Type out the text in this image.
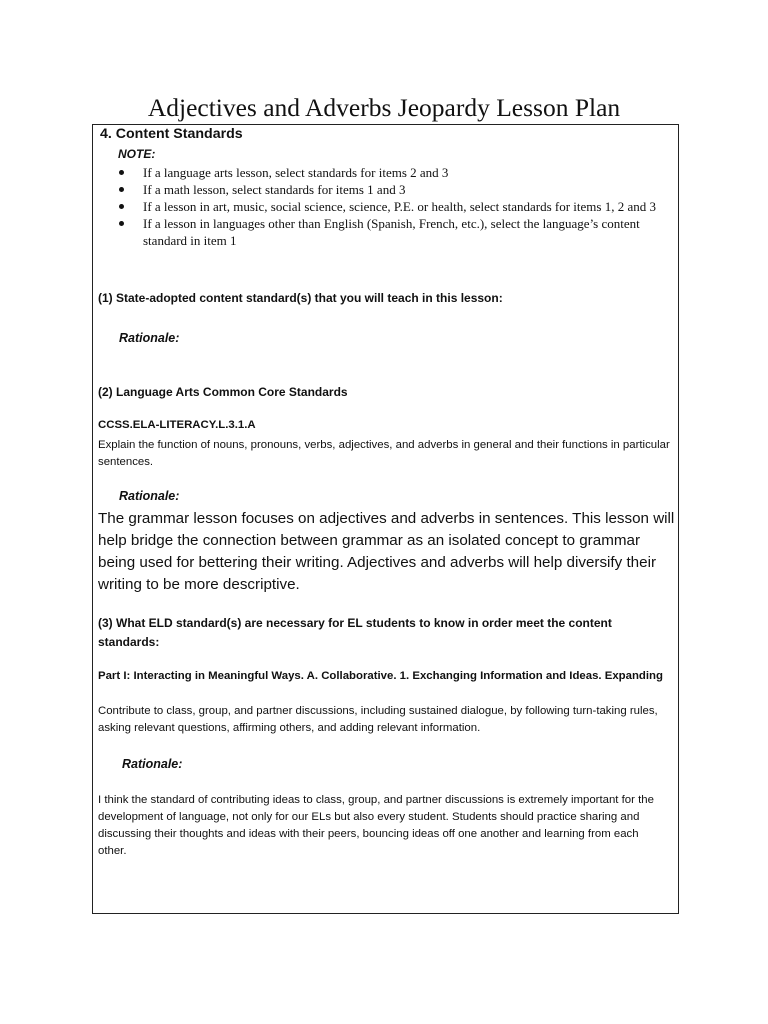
Adjectives and Adverbs Jeopardy Lesson Plan
4. Content Standards
NOTE:
If a language arts lesson, select standards for items 2 and 3
If a math lesson, select standards for items 1 and 3
If a lesson in art, music, social science, science, P.E. or health, select standards for items 1, 2 and 3
If a lesson in languages other than English (Spanish, French, etc.), select the language’s content standard in item 1
(1) State-adopted content standard(s) that you will teach in this lesson:
Rationale:
(2) Language Arts Common Core Standards
CCSS.ELA-LITERACY.L.3.1.A
Explain the function of nouns, pronouns, verbs, adjectives, and adverbs in general and their functions in particular sentences.
Rationale:
The grammar lesson focuses on adjectives and adverbs in sentences. This lesson will help bridge the connection between grammar as an isolated concept to grammar being used for bettering their writing. Adjectives and adverbs will help diversify their writing to be more descriptive.
(3) What ELD standard(s) are necessary for EL students to know in order meet the content standards:
Part I: Interacting in Meaningful Ways. A. Collaborative. 1. Exchanging Information and Ideas. Expanding
Contribute to class, group, and partner discussions, including sustained dialogue, by following turn-taking rules, asking relevant questions, affirming others, and adding relevant information.
Rationale:
I think the standard of contributing ideas to class, group, and partner discussions is extremely important for the development of language, not only for our ELs but also every student. Students should practice sharing and discussing their thoughts and ideas with their peers, bouncing ideas off one another and learning from each other.
